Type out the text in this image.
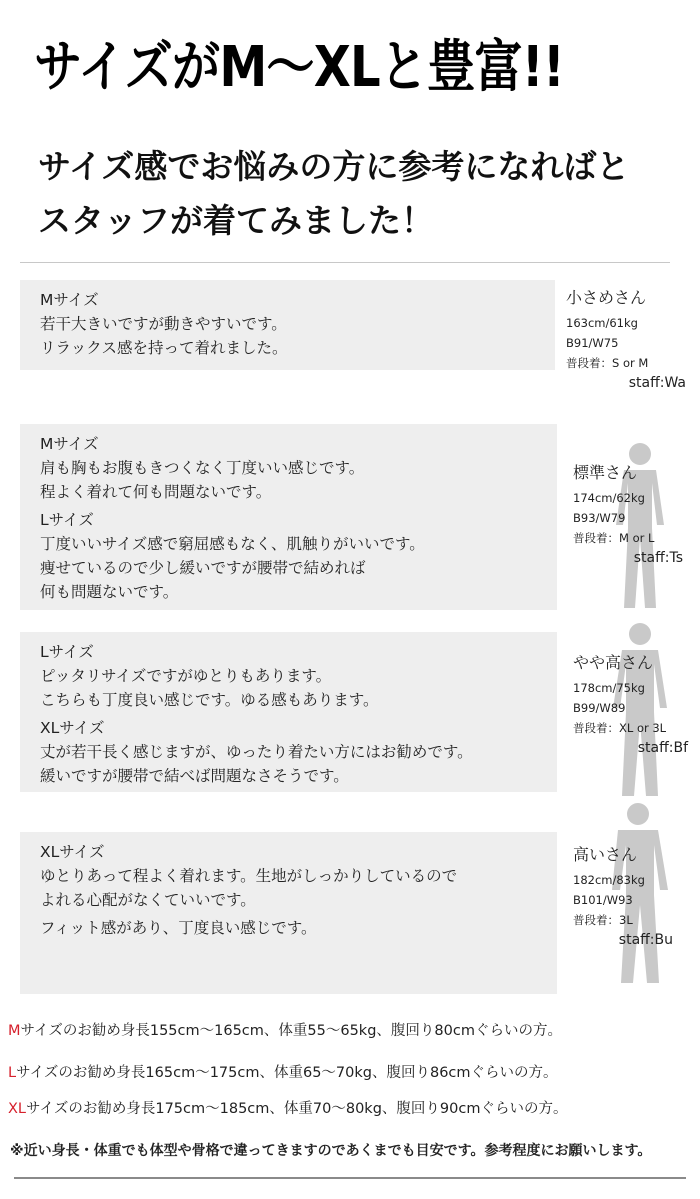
サイズがM～XLと豊富!!
サイズ感でお悩みの方に参考になればと
スタッフが着てみました！
Mサイズ
若干大きいですが動きやすいです。
リラックス感を持って着れました。
小さめさん
163cm/61kg
B91/W75
普段着：S or M
staff:Wa
Mサイズ
肩も胸もお腹もきつくなく丁度いい感じです。
程よく着れて何も問題ないです。
Lサイズ
丁度いいサイズ感で窮屈感もなく、肌触りがいいです。
痩せているので少し緩いですが腰帯で結めれば
何も問題ないです。
標準さん
174cm/62kg
B93/W79
普段着：M or L
staff:Ts
Lサイズ
ピッタリサイズですがゆとりもあります。
こちらも丁度良い感じです。ゆる感もあります。
XLサイズ
丈が若干長く感じますが、ゆったり着たい方にはお勧めです。
緩いですが腰帯で結べば問題なさそうです。
やや高さん
178cm/75kg
B99/W89
普段着：XL or 3L
staff:Bf
XLサイズ
ゆとりあって程よく着れます。生地がしっかりしているので
よれる心配がなくていいです。
フィット感があり、丁度良い感じです。
高いさん
182cm/83kg
B101/W93
普段着：3L
staff:Bu
Mサイズのお勧め身長155cm～165cm、体重55～65kg、腹回り80cmぐらいの方。
Lサイズのお勧め身長165cm～175cm、体重65～70kg、腹回り86cmぐらいの方。
XLサイズのお勧め身長175cm～185cm、体重70～80kg、腹回り90cmぐらいの方。
※近い身長・体重でも体型や骨格で違ってきますのであくまでも目安です。参考程度にお願いします。
